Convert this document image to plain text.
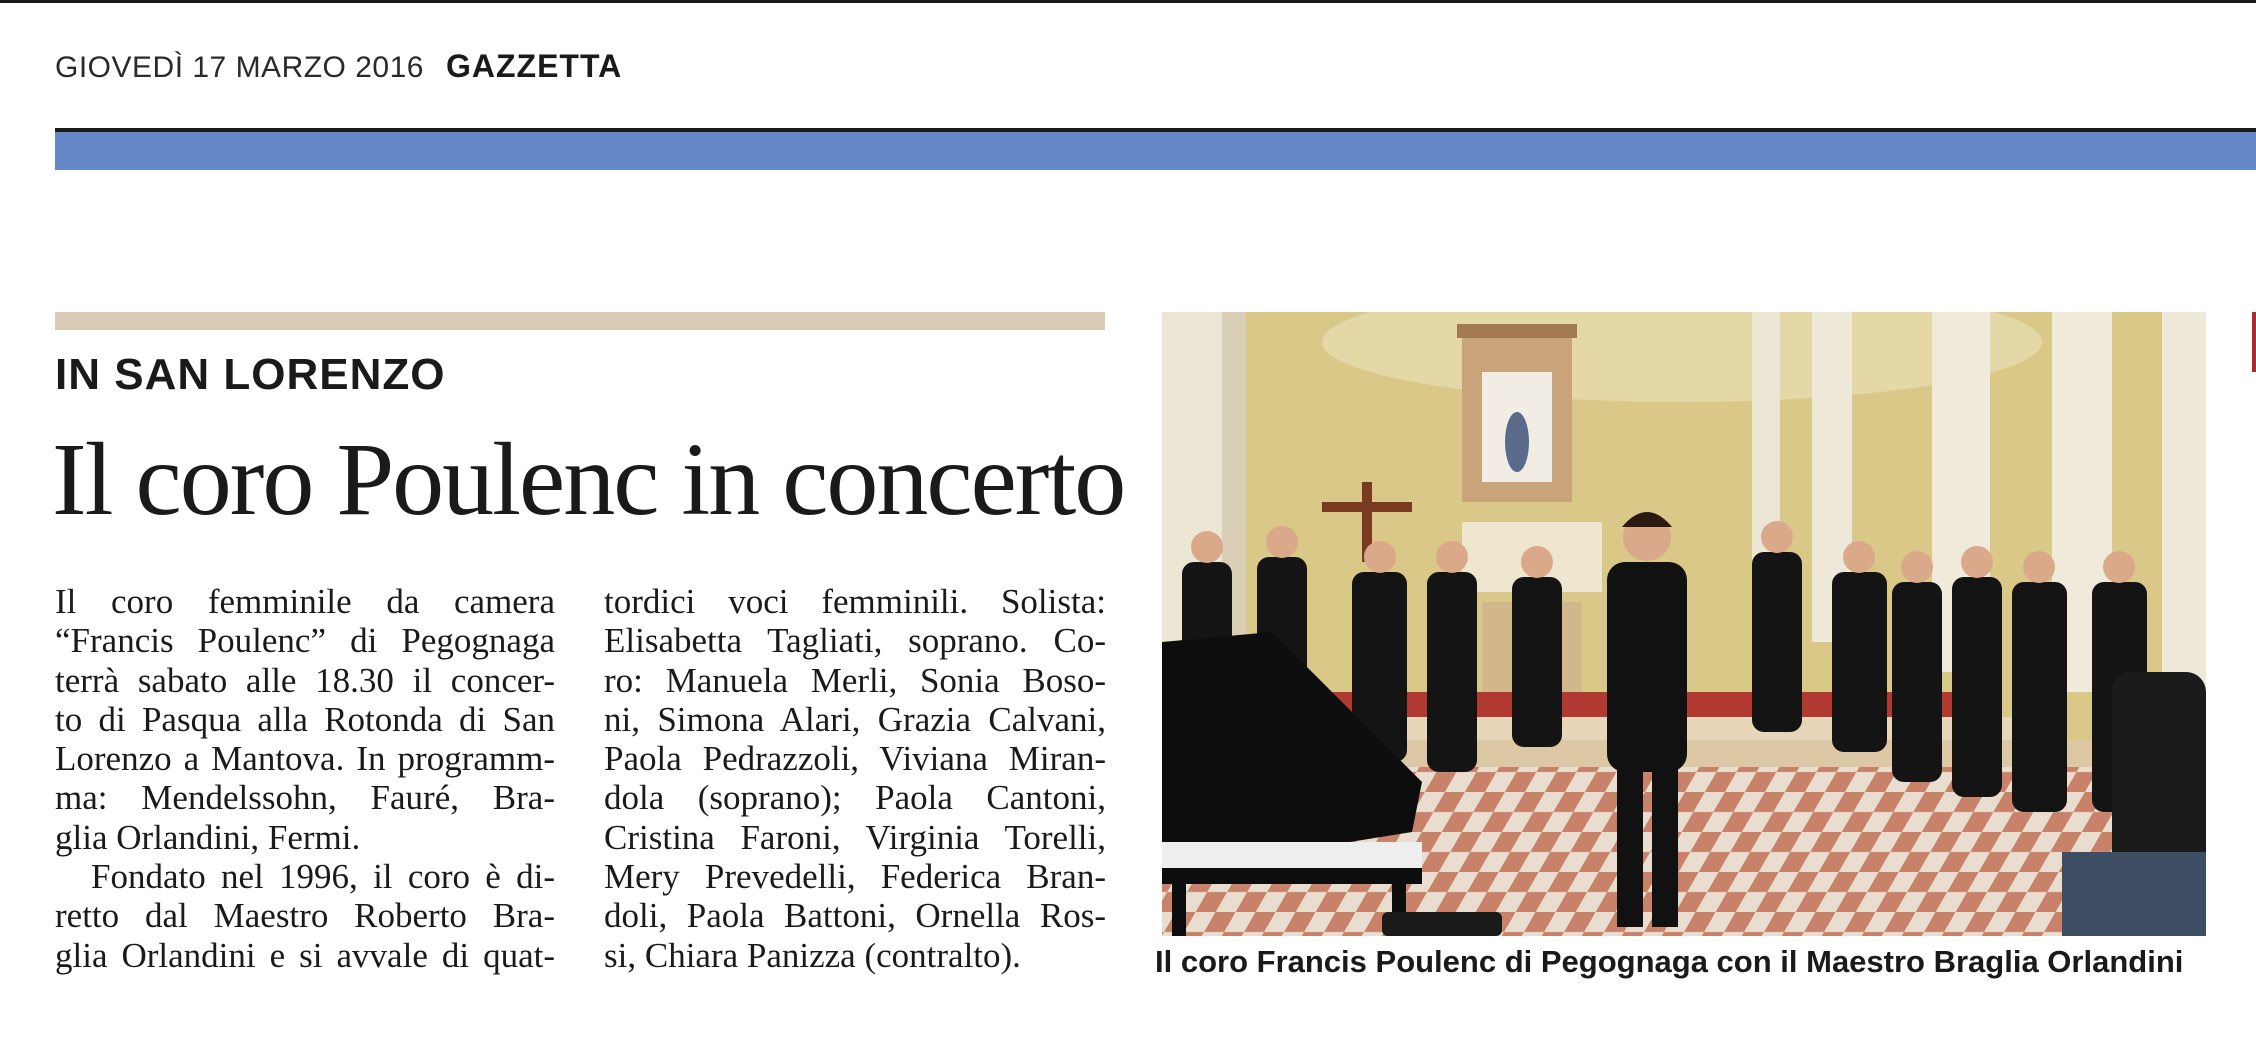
GIOVEDÌ 17 MARZO 2016 GAZZETTA
IN SAN LORENZO
Il coro Poulenc in concerto
Il coro femminile da camera
“Francis Poulenc” di Pegognaga
terrà sabato alle 18.30 il concer-
to di Pasqua alla Rotonda di San
Lorenzo a Mantova. In programm-
ma: Mendelssohn, Fauré, Bra-
glia Orlandini, Fermi.
Fondato nel 1996, il coro è di-
retto dal Maestro Roberto Bra-
glia Orlandini e si avvale di quat-
tordici voci femminili. Solista:
Elisabetta Tagliati, soprano. Co-
ro: Manuela Merli, Sonia Boso-
ni, Simona Alari, Grazia Calvani,
Paola Pedrazzoli, Viviana Miran-
dola (soprano); Paola Cantoni,
Cristina Faroni, Virginia Torelli,
Mery Prevedelli, Federica Bran-
doli, Paola Battoni, Ornella Ros-
si, Chiara Panizza (contralto).	Il coro Francis Poulenc di Pegognaga con il Maestro Braglia Orlandini
